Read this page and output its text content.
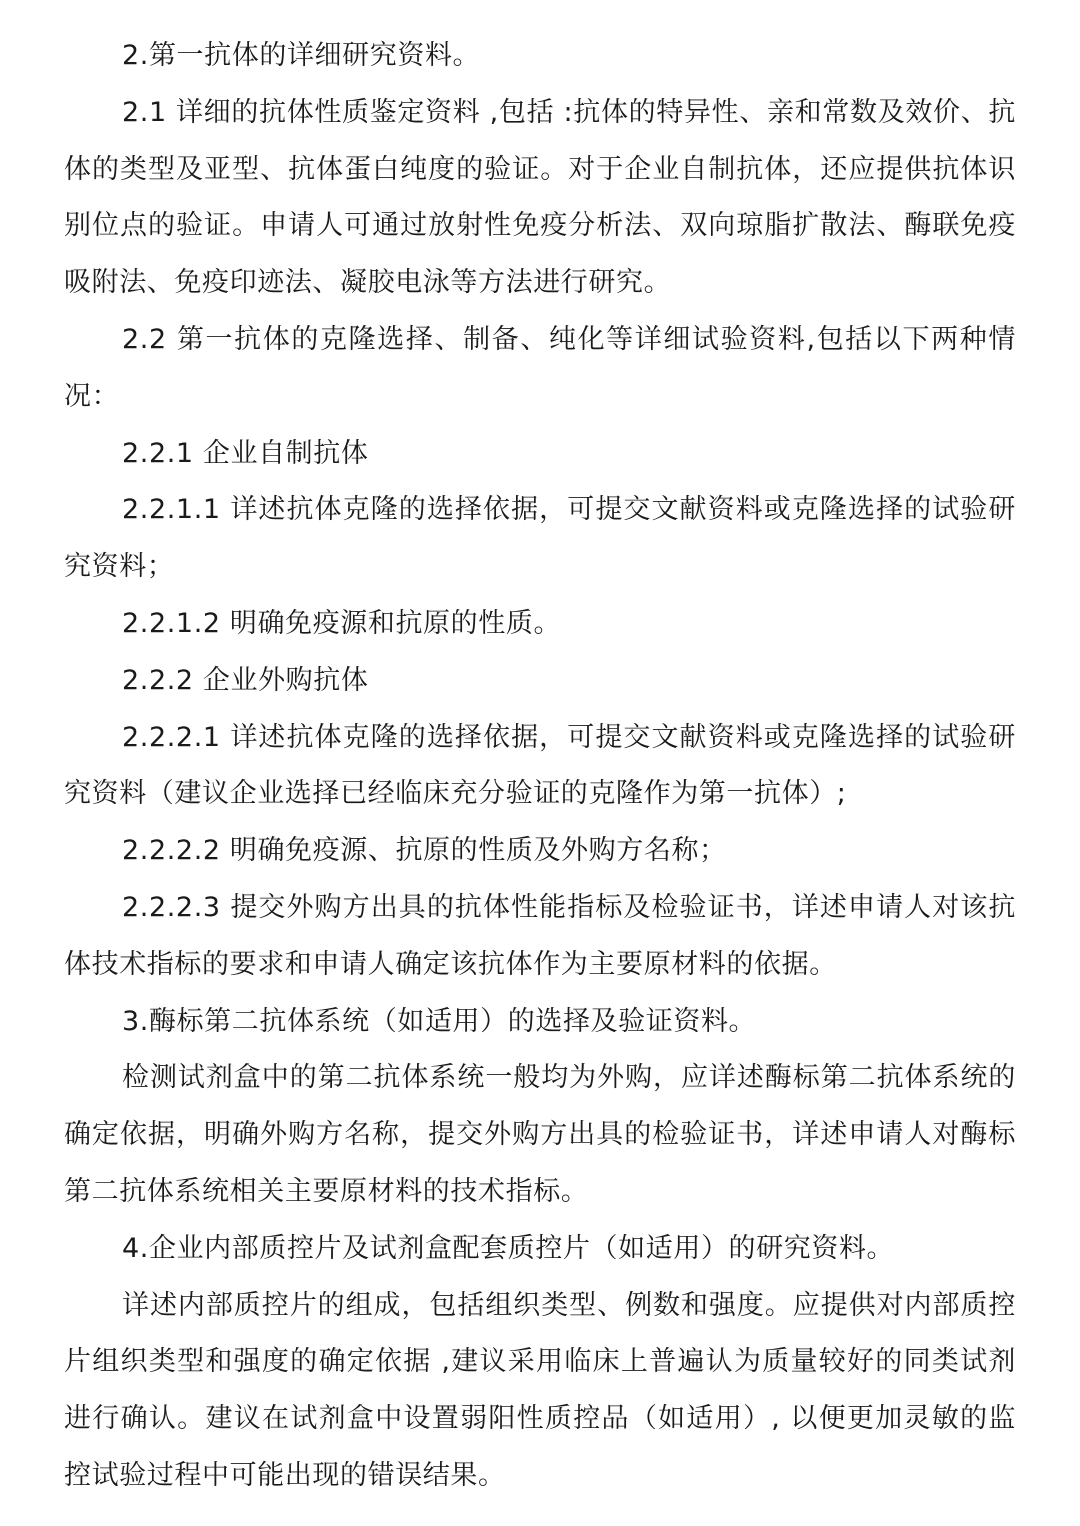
2.第一抗体的详细研究资料。

2.1 详细的抗体性质鉴定资料 ,包括 :抗体的特异性、亲和常数及效价、抗体的类型及亚型、抗体蛋白纯度的验证。对于企业自制抗体，还应提供抗体识别位点的验证。申请人可通过放射性免疫分析法、双向琼脂扩散法、酶联免疫吸附法、免疫印迹法、凝胶电泳等方法进行研究。

2.2 第一抗体的克隆选择、制备、纯化等详细试验资料,包括以下两种情况：

2.2.1 企业自制抗体

2.2.1.1 详述抗体克隆的选择依据，可提交文献资料或克隆选择的试验研究资料；

2.2.1.2 明确免疫源和抗原的性质。

2.2.2 企业外购抗体

2.2.2.1 详述抗体克隆的选择依据，可提交文献资料或克隆选择的试验研究资料（建议企业选择已经临床充分验证的克隆作为第一抗体）;

2.2.2.2 明确免疫源、抗原的性质及外购方名称；

2.2.2.3 提交外购方出具的抗体性能指标及检验证书，详述申请人对该抗体技术指标的要求和申请人确定该抗体作为主要原材料的依据。

3.酶标第二抗体系统（如适用）的选择及验证资料。

检测试剂盒中的第二抗体系统一般均为外购，应详述酶标第二抗体系统的确定依据，明确外购方名称，提交外购方出具的检验证书，详述申请人对酶标第二抗体系统相关主要原材料的技术指标。

4.企业内部质控片及试剂盒配套质控片（如适用）的研究资料。

详述内部质控片的组成，包括组织类型、例数和强度。应提供对内部质控片组织类型和强度的确定依据 ,建议采用临床上普遍认为质量较好的同类试剂进行确认。建议在试剂盒中设置弱阳性质控品（如适用）, 以便更加灵敏的监控试验过程中可能出现的错误结果。
